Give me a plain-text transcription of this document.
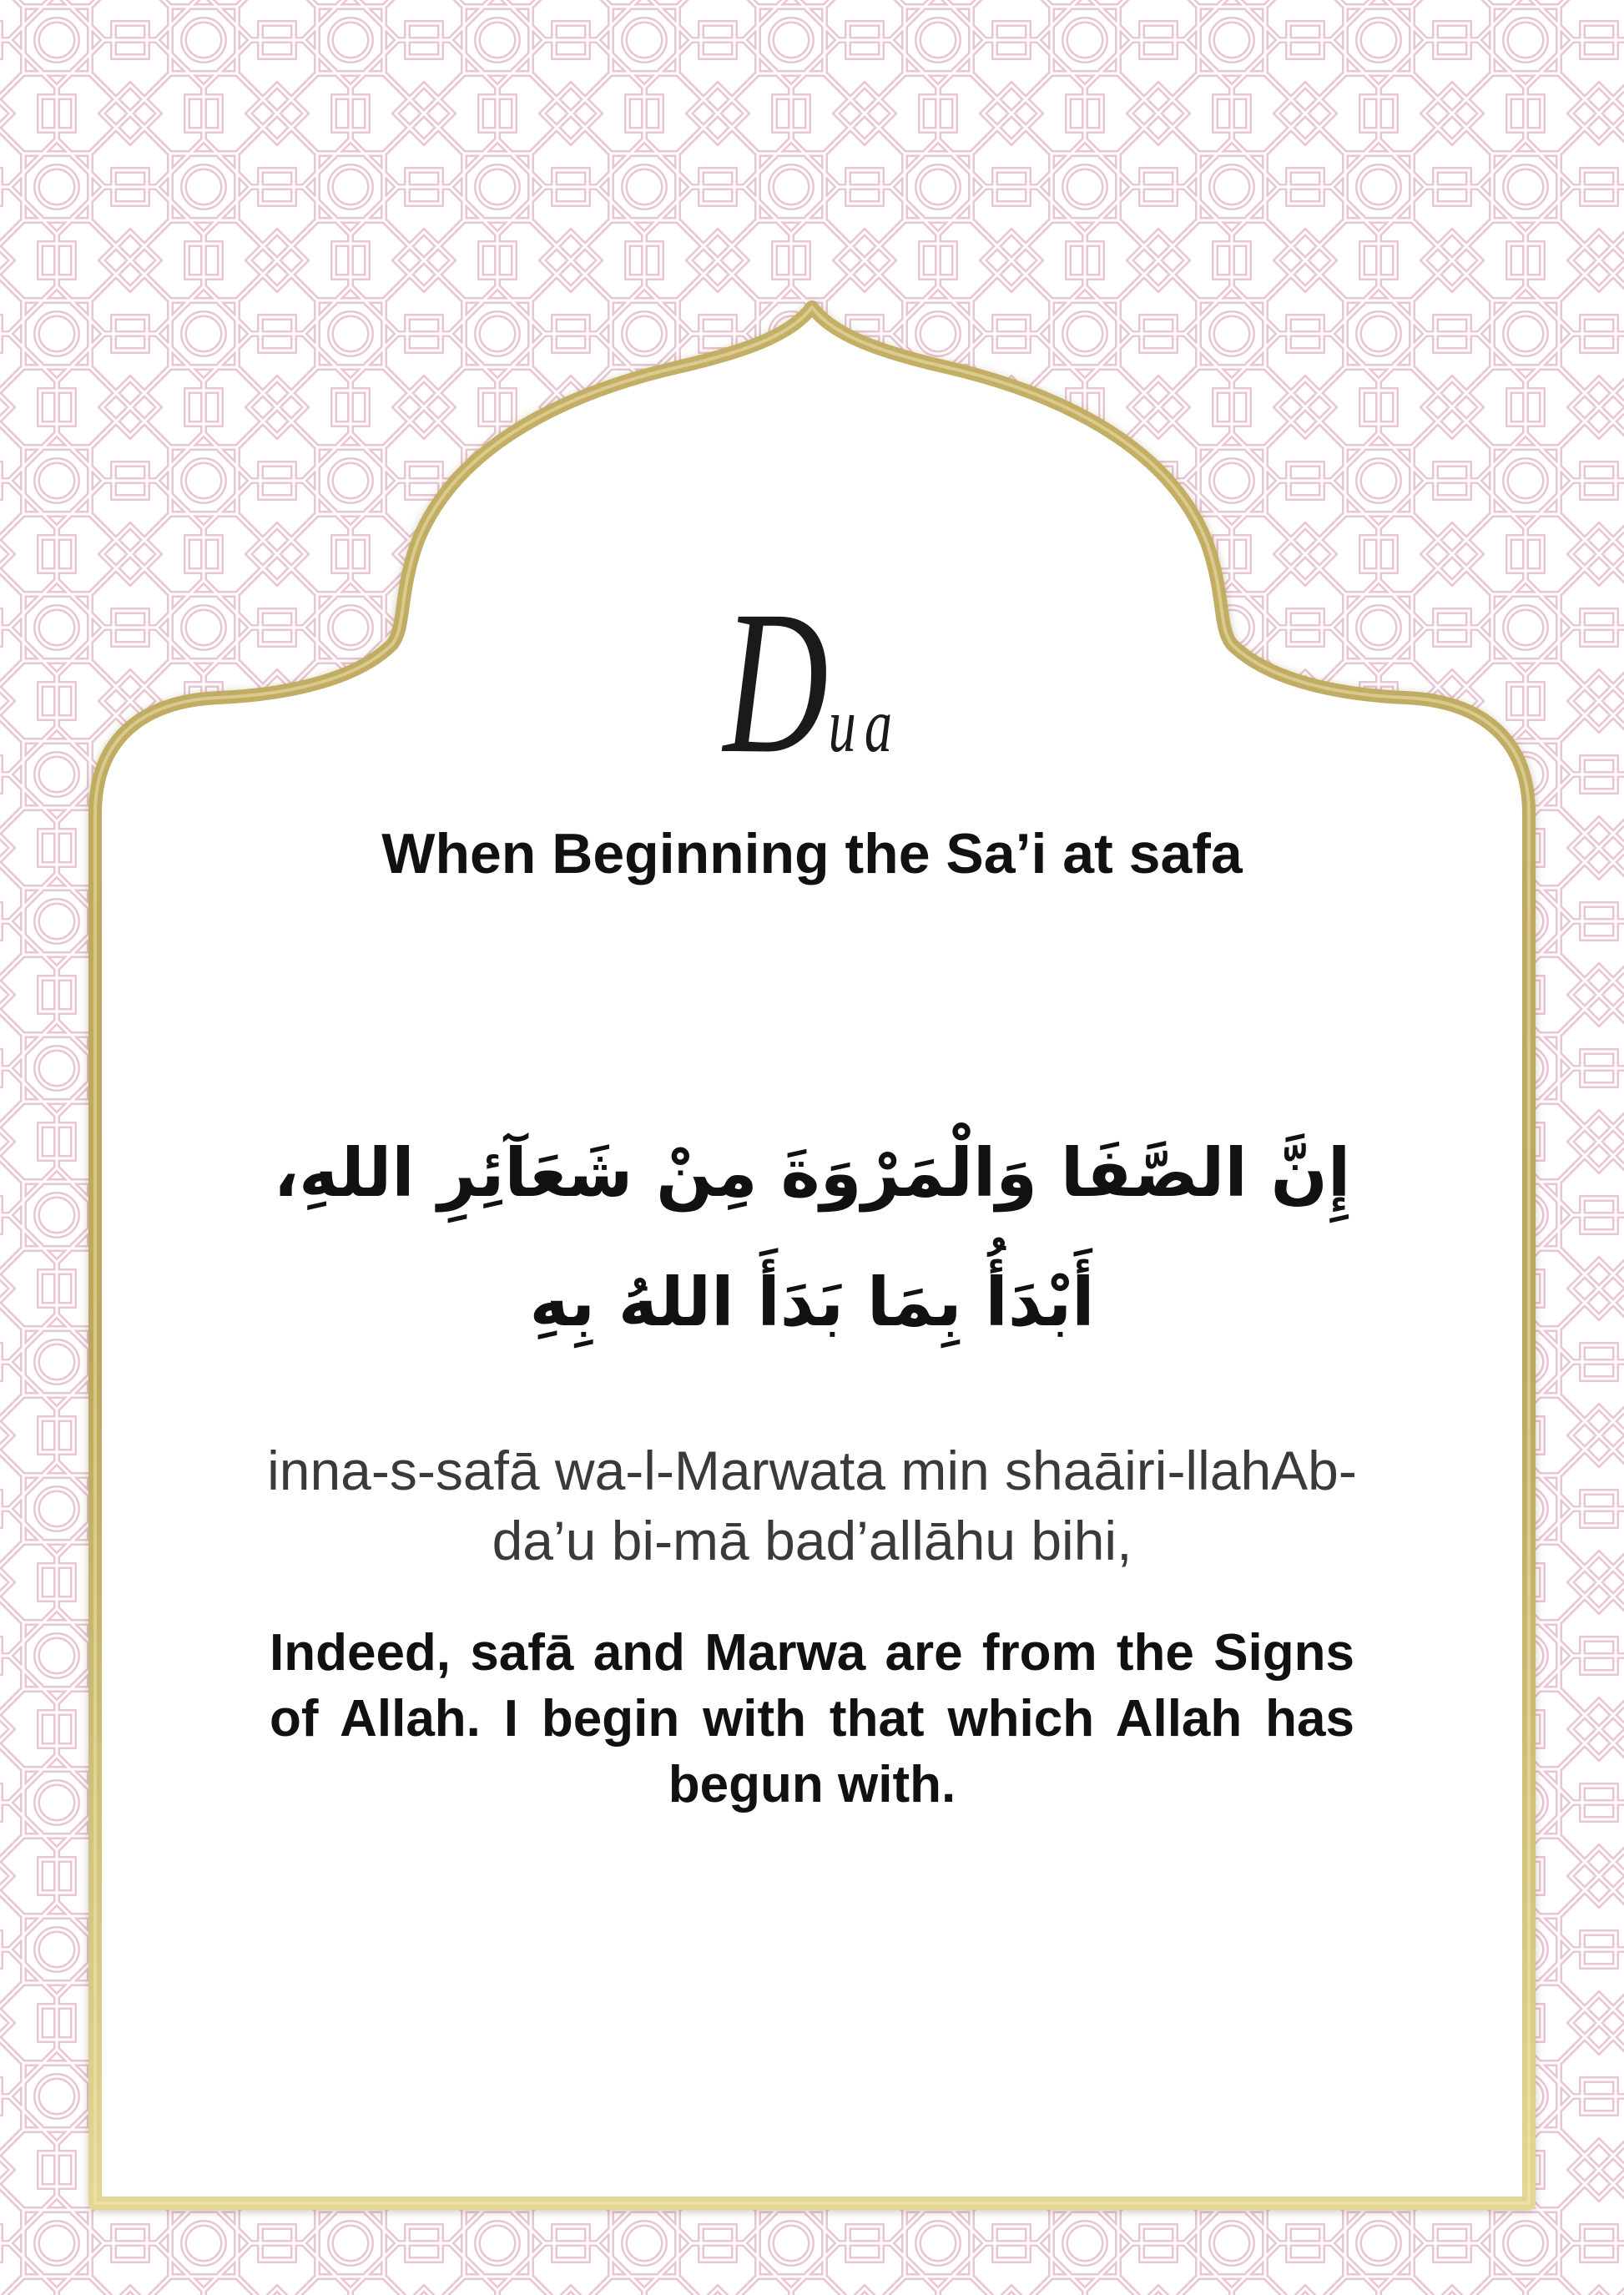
Dua
When Beginning the Sa’i at safa
إِنَّ الصَّفَا وَالْمَرْوَةَ مِنْ شَعَآئِرِ اللهِ،
أَبْدَأُ بِمَا بَدَأَ اللهُ بِهِ
inna-s-safā wa-l-Marwata min shaāiri-llahAb-
da’u bi-mā bad’allāhu bihi,

Indeed, safā and Marwa are from the Signs of Allah. I begin with that which Allah has begun with.
